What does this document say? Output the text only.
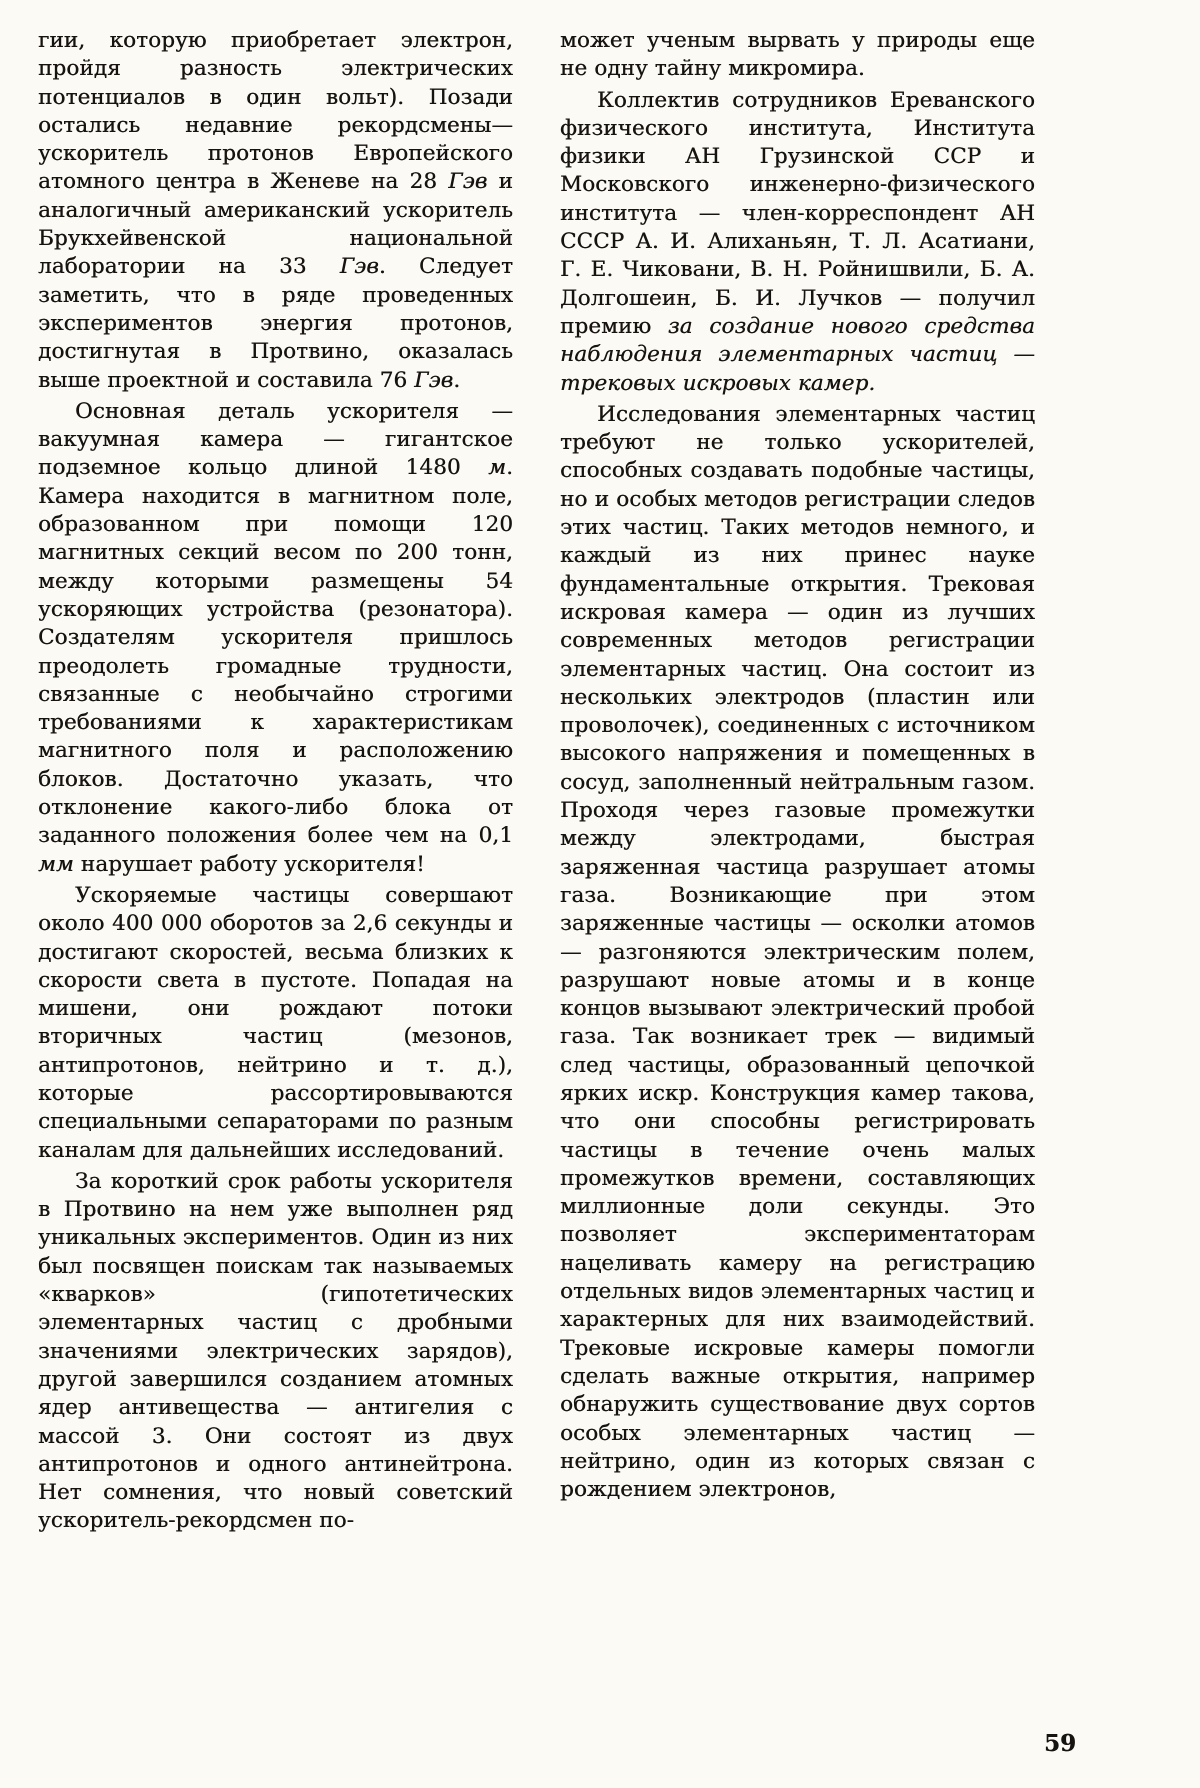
гии, которую приобретает электрон, пройдя разность электрических потенциалов в один вольт). Позади остались недавние рекордсмены—ускоритель протонов Европейского атомного центра в Женеве на 28 Гэв и аналогичный американский ускоритель Брукхейвенской национальной лаборатории на 33 Гэв. Следует заметить, что в ряде проведенных экспериментов энергия протонов, достигнутая в Протвино, оказалась выше проектной и составила 76 Гэв.

Основная деталь ускорителя — вакуумная камера — гигантское подземное кольцо длиной 1480 м. Камера находится в магнитном поле, образованном при помощи 120 магнитных секций весом по 200 тонн, между которыми размещены 54 ускоряющих устройства (резонатора). Создателям ускорителя пришлось преодолеть громадные трудности, связанные с необычайно строгими требованиями к характеристикам магнитного поля и расположению блоков. Достаточно указать, что отклонение какого-либо блока от заданного положения более чем на 0,1 мм нарушает работу ускорителя!

Ускоряемые частицы совершают около 400 000 оборотов за 2,6 секунды и достигают скоростей, весьма близких к скорости света в пустоте. Попадая на мишени, они рождают потоки вторичных частиц (мезонов, антипротонов, нейтрино и т. д.), которые рассортировываются специальными сепараторами по разным каналам для дальнейших исследований.

За короткий срок работы ускорителя в Протвино на нем уже выполнен ряд уникальных экспериментов. Один из них был посвящен поискам так называемых «кварков» (гипотетических элементарных частиц с дробными значениями электрических зарядов), другой завершился созданием атомных ядер антивещества — антигелия с массой 3. Они состоят из двух антипротонов и одного антинейтрона. Нет сомнения, что новый советский ускоритель-рекордсмен по-

может ученым вырвать у природы еще не одну тайну микромира.

Коллектив сотрудников Ереванского физического института, Института физики АН Грузинской ССР и Московского инженерно-физического института — член-корреспондент АН СССР А. И. Алиханьян, Т. Л. Асатиани, Г. Е. Чиковани, В. Н. Ройнишвили, Б. А. Долгошеин, Б. И. Лучков — получил премию за создание нового средства наблюдения элементарных частиц — трековых искровых камер.

Исследования элементарных частиц требуют не только ускорителей, способных создавать подобные частицы, но и особых методов регистрации следов этих частиц. Таких методов немного, и каждый из них принес науке фундаментальные открытия. Трековая искровая камера — один из лучших современных методов регистрации элементарных частиц. Она состоит из нескольких электродов (пластин или проволочек), соединенных с источником высокого напряжения и помещенных в сосуд, заполненный нейтральным газом. Проходя через газовые промежутки между электродами, быстрая заряженная частица разрушает атомы газа. Возникающие при этом заряженные частицы — осколки атомов — разгоняются электрическим полем, разрушают новые атомы и в конце концов вызывают электрический пробой газа. Так возникает трек — видимый след частицы, образованный цепочкой ярких искр. Конструкция камер такова, что они способны регистрировать частицы в течение очень малых промежутков времени, составляющих миллионные доли секунды. Это позволяет экспериментаторам нацеливать камеру на регистрацию отдельных видов элементарных частиц и характерных для них взаимодействий. Трековые искровые камеры помогли сделать важные открытия, например обнаружить существование двух сортов особых элементарных частиц — нейтрино, один из которых связан с рождением электронов,

59
